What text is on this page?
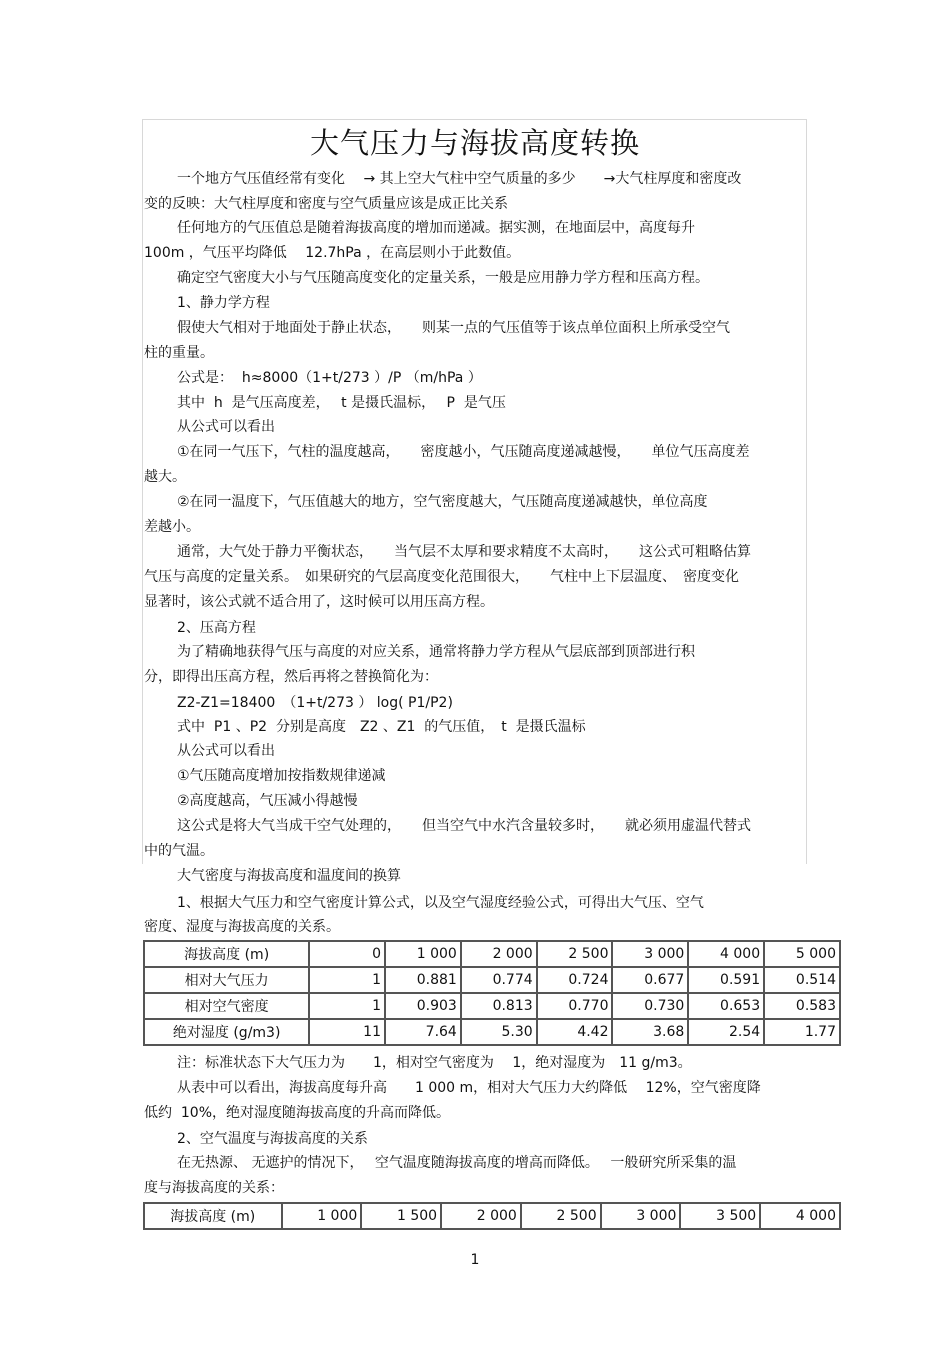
大气压力与海拔高度转换
一个地方气压值经常有变化　 → 其上空大气柱中空气质量的多少　　→大气柱厚度和密度改
变的反映：大气柱厚度和密度与空气质量应该是成正比关系
任何地方的气压值总是随着海拔高度的增加而递减。据实测，在地面层中，高度每升
100m ，气压平均降低　 12.7hPa ，在高层则小于此数值。
确定空气密度大小与气压随高度变化的定量关系，一般是应用静力学方程和压高方程。
1、静力学方程
假使大气相对于地面处于静止状态，　　则某一点的气压值等于该点单位面积上所承受空气
柱的重量。
公式是：  h≈8000（1+t/273 ）/P （m/hPa ）
其中  h  是气压高度差，　 t 是摄氏温标，　 P  是气压
从公式可以看出
①在同一气压下，气柱的温度越高，　　密度越小，气压随高度递减越慢，　　单位气压高度差
越大。
②在同一温度下，气压值越大的地方，空气密度越大，气压随高度递减越快，单位高度
差越小。
通常，大气处于静力平衡状态，　　当气层不太厚和要求精度不太高时，　　这公式可粗略估算
气压与高度的定量关系。　如果研究的气层高度变化范围很大，　　气柱中上下层温度、　密度变化
显著时，该公式就不适合用了，这时候可以用压高方程。
2、压高方程
为了精确地获得气压与高度的对应关系，通常将静力学方程从气层底部到顶部进行积
分，即得出压高方程，然后再将之替换简化为：
Z2-Z1=18400　（1+t/273 ） log( P1/P2)
式中  P1 、P2  分别是高度　Z2 、Z1  的气压值，　t  是摄氏温标
从公式可以看出
①气压随高度增加按指数规律递减
②高度越高，气压减小得越慢
这公式是将大气当成干空气处理的，　　但当空气中水汽含量较多时，　　就必须用虚温代替式
中的气温。
大气密度与海拔高度和温度间的换算
1、根据大气压力和空气密度计算公式，以及空气湿度经验公式，可得出大气压、空气
密度、湿度与海拔高度的关系。
海拔高度 (m)	0	1 000	2 000	2 500	3 000	4 000	5 000
相对大气压力	1	0.881	0.774	0.724	0.677	0.591	0.514
相对空气密度	1	0.903	0.813	0.770	0.730	0.653	0.583
绝对湿度 (g/m3)	11	7.64	5.30	4.42	3.68	2.54	1.77
注：标准状态下大气压力为　　1，相对空气密度为　 1，绝对湿度为　11 g/m3。
从表中可以看出，海拔高度每升高　　1 000 m，相对大气压力大约降低　 12%，空气密度降
低约  10%，绝对湿度随海拔高度的升高而降低。
2、空气温度与海拔高度的关系
在无热源、 无遮护的情况下，　 空气温度随海拔高度的增高而降低。　 一般研究所采集的温
度与海拔高度的关系：
海拔高度 (m)	1 000	1 500	2 000	2 500	3 000	3 500	4 000
1
